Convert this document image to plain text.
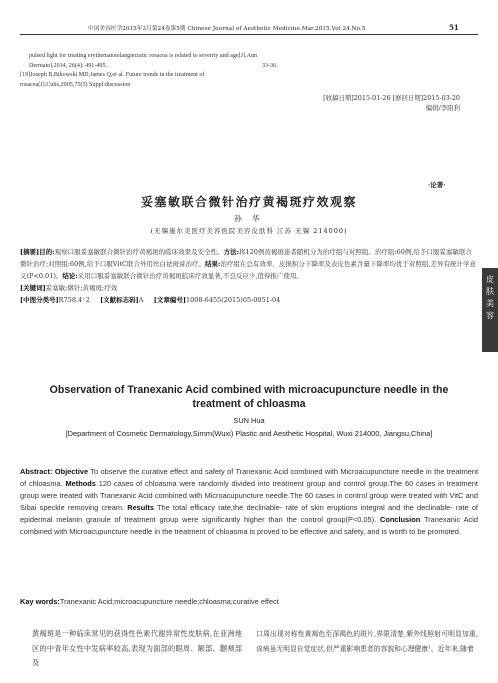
中国美容医学2015年3月第24卷第5期 Chinese Journal of Aesthetic Medicine.Mar.2015.Vol.24.No.5	51

pulsed light for treating erythematotelangiectatic rosacea is related to severity and age[J].Ann Dermatol,2014, 26(4): 491-495.

[19]Joseph B,Bikowski MD,James Q,et al. Future trends in the treatment of rosacea[J].Cutis,2005,75(3) Suppl:discussion

33-36.

[收稿日期]2015-01-26 [修回日期]2015-03-20

编辑/李阳利

·论著·
妥塞敏联合微针治疗黄褐斑疗效观察
孙 华
(无锡施尔美医疗美容医院美容皮肤科 江苏 无锡 214000)

[摘要]目的:观察口服妥塞敏联合微针治疗黄褐斑的临床效果及安全性。方法:将120例黄褐斑患者随机分为治疗组与对照组。治疗组:60例,给予口服妥塞敏联合微针治疗;对照组:60例,给予口服VitC联合外用丝白祛斑膏治疗。结果:治疗组在总有效率、皮损积分下降率及表皮色素含量下降率均优于对照组,差异有统计学意义(P<0.01)。结论:采用口服妥塞敏联合微针治疗黄褐斑临床疗效显著,不良反应少,值得推广使用。

[关键词]妥塞敏;微针;黄褐斑;疗效

[中图分类号]R758.4⁺2 [文献标志码]A [文章编号]1008-6455(2015)05-0051-04

皮
肤
美
容
Observation of Tranexanic Acid combined with microacupuncture needle in the treatment of chloasma
SUN Hua
[Department of Cosmetic Dermatology,Sirnm(Wuxi) Plastic and Aesthetic Hospital, Wuxi 214000, Jiangsu,China]

Abstract: Objective To observe the curative effect and safety of Tranexanic Acid combined with Microacupuncture needle in the treatment of chloasma. Methods 120 cases of chloasma were randomly divided into treatment group and control group.The 60 cases in treatment group were treated with Tranexanic Acid combined with Microacupuncture needle.The 60 cases in control group were treated with VitC and Sibai speckle removing cream. Results The total efficacy rate,the declinable- rate of skin eruptions integral and the declinable- rate of epidermal melanin granule of treatment group were significantly higher than the control group(P<0.05). Conclusion Tranexanic Acid combined with Microacupuncture needle in the treatment of chloasma is proved to be effective and safety, and is worth to be promoted.

Kay words:Tranexanic Acid;microacupuncture needle;chloasma;curative effect

黄褐斑是一种临床常见的获得性色素代谢异常性皮肤病,在亚洲地区的中青年女性中发病率较高,表现为面部的眼周、额部、颧颊部及

口周出现对称性黄褐色至深褐色的斑片,界限清楚,紫外线照射可明显加重,该病虽无明显自觉症状,但严重影响患者的容貌和心理健康¹。近年来,随着
